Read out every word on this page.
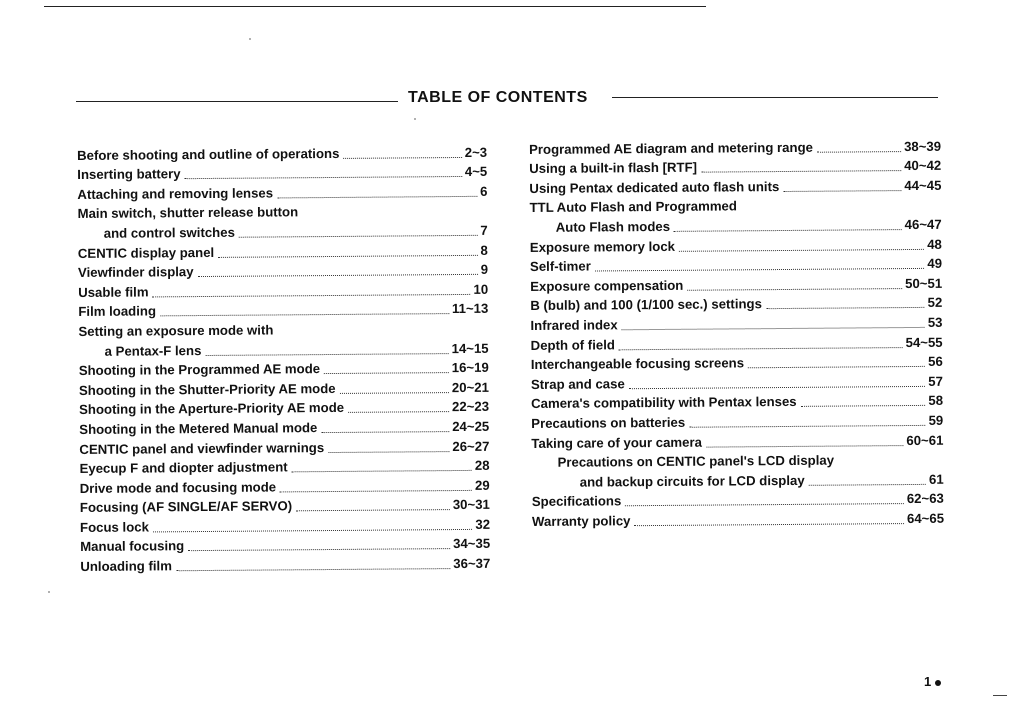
TABLE OF CONTENTS
Before shooting and outline of operations	2~3
Inserting battery	4~5
Attaching and removing lenses	6
Main switch, shutter release button
and control switches	7
CENTIC display panel	8
Viewfinder display	9
Usable film	10
Film loading	11~13
Setting an exposure mode with
a Pentax-F lens	14~15
Shooting in the Programmed AE mode	16~19
Shooting in the Shutter-Priority AE mode	20~21
Shooting in the Aperture-Priority AE mode	22~23
Shooting in the Metered Manual mode	24~25
CENTIC panel and viewfinder warnings	26~27
Eyecup F and diopter adjustment	28
Drive mode and focusing mode	29
Focusing (AF SINGLE/AF SERVO)	30~31
Focus lock	32
Manual focusing	34~35
Unloading film	36~37
Programmed AE diagram and metering range	38~39
Using a built-in flash [RTF]	40~42
Using Pentax dedicated auto flash units	44~45
TTL Auto Flash and Programmed
Auto Flash modes	46~47
Exposure memory lock	48
Self-timer	49
Exposure compensation	50~51
B (bulb) and 100 (1/100 sec.) settings	52
Infrared index	53
Depth of field	54~55
Interchangeable focusing screens	56
Strap and case	57
Camera's compatibility with Pentax lenses	58
Precautions on batteries	59
Taking care of your camera	60~61
Precautions on CENTIC panel's LCD display
and backup circuits for LCD display	61
Specifications	62~63
Warranty policy	64~65
1
